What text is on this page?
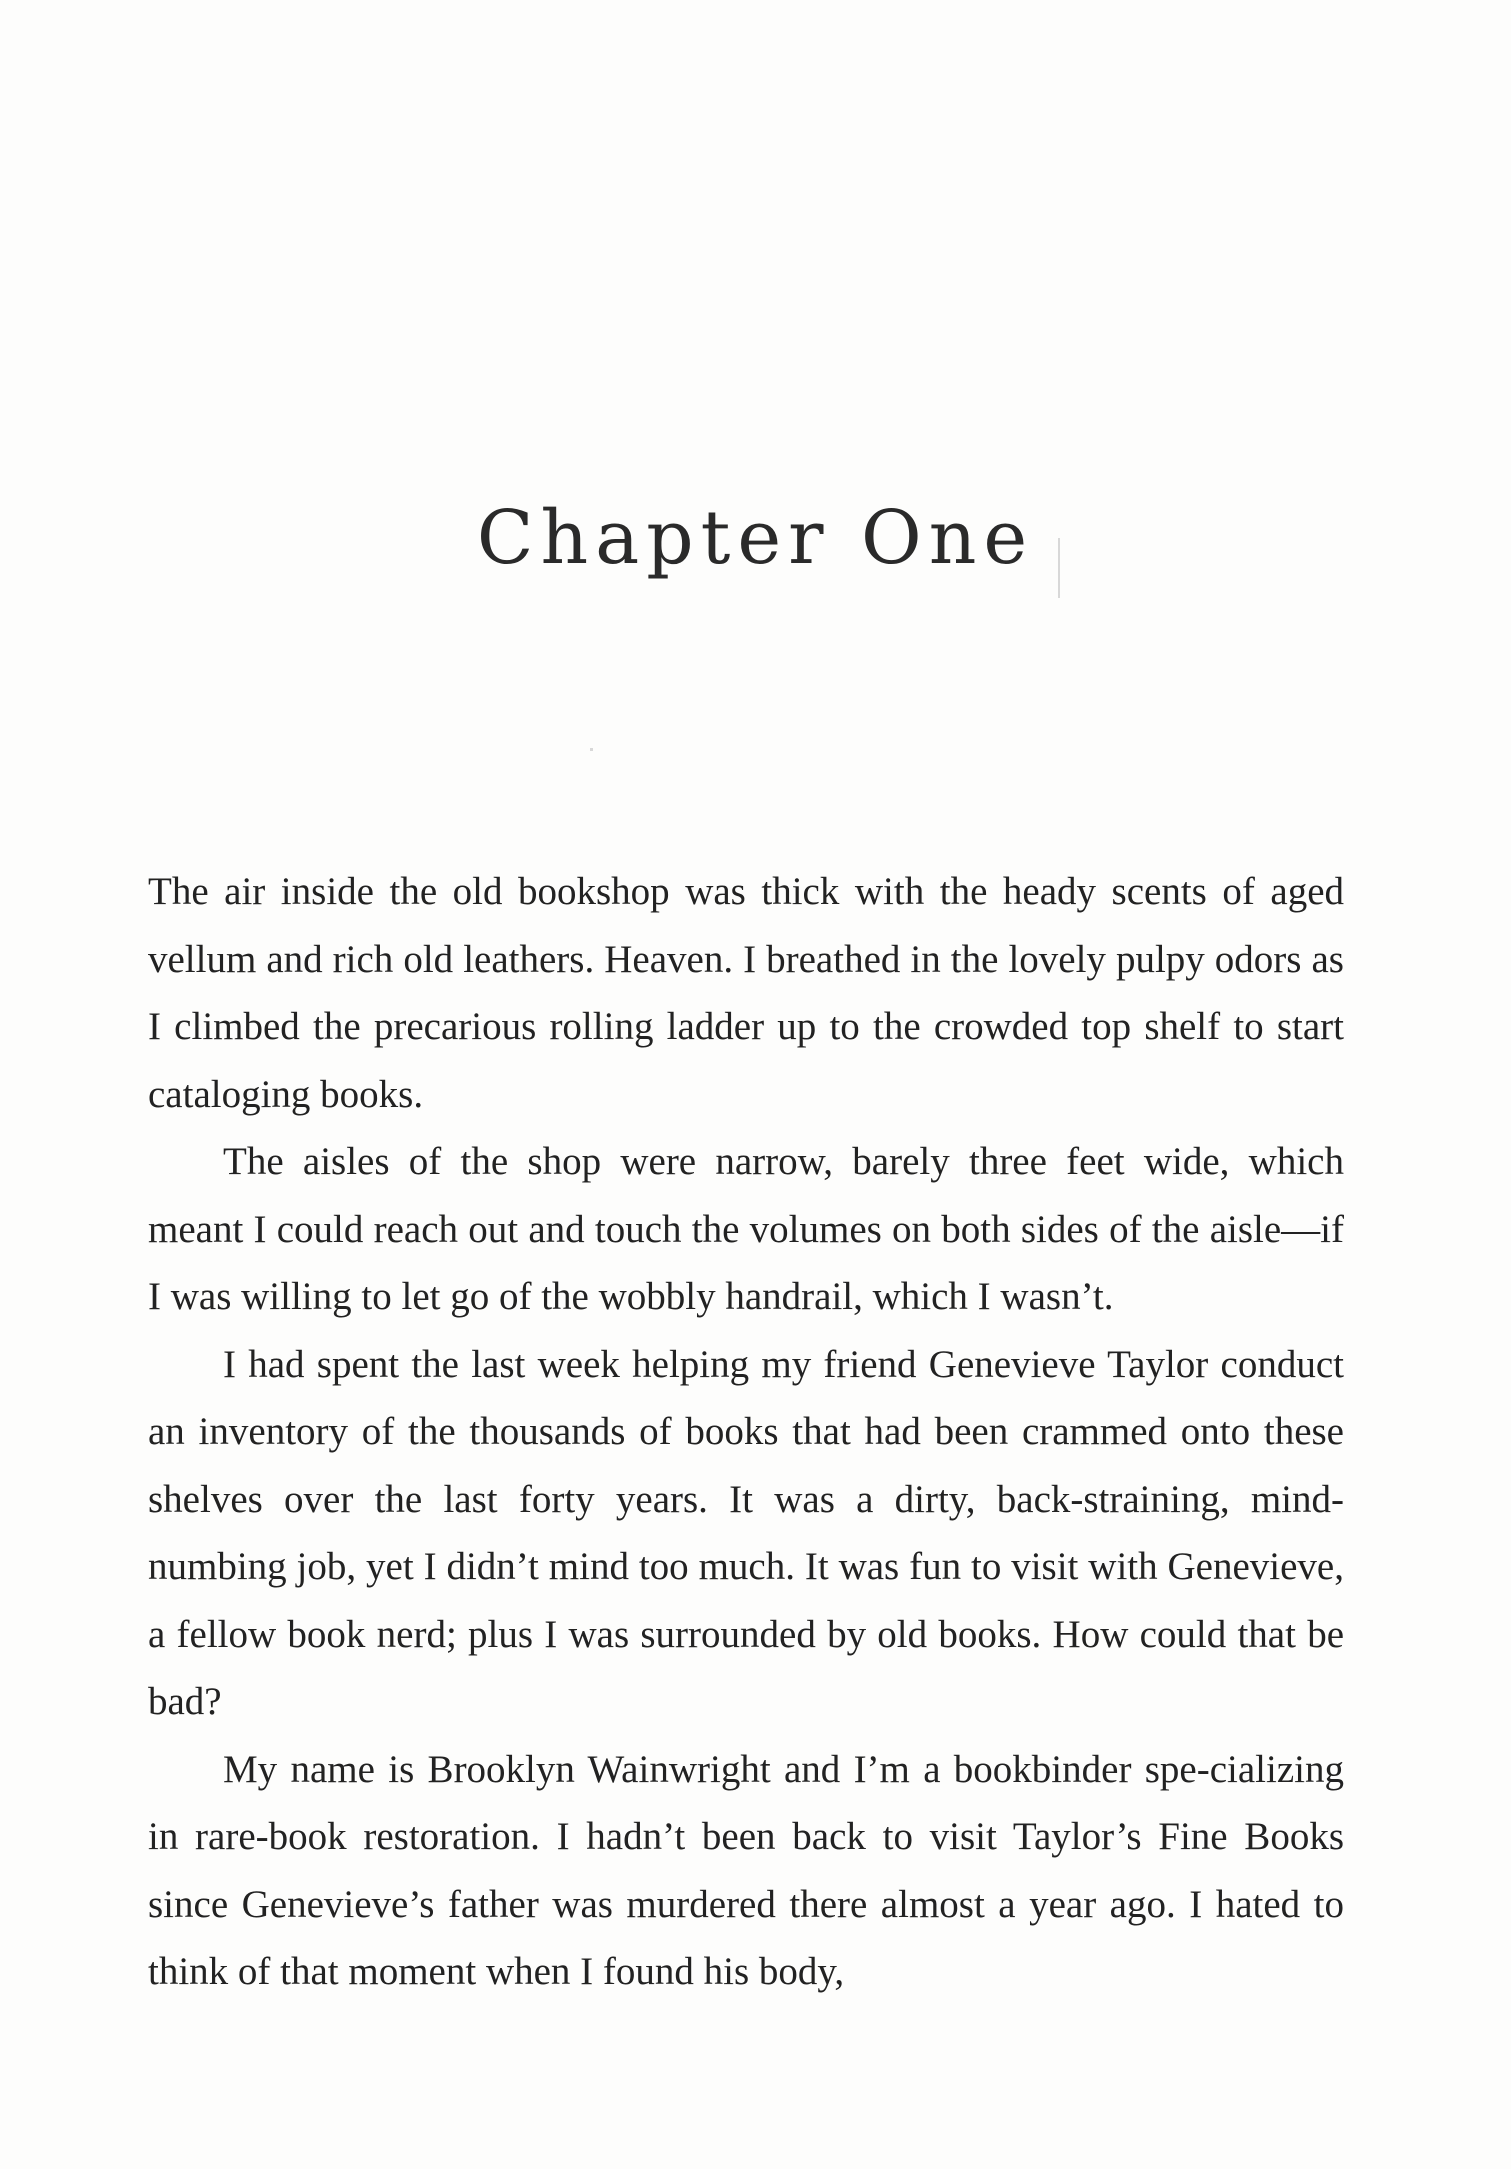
Chapter One

The air inside the old bookshop was thick with the heady scents of aged vellum and rich old leathers. Heaven. I breathed in the lovely pulpy odors as I climbed the precarious rolling ladder up to the crowded top shelf to start cataloging books.

The aisles of the shop were narrow, barely three feet wide, which meant I could reach out and touch the volumes on both sides of the aisle—if I was willing to let go of the wobbly handrail, which I wasn’t.

I had spent the last week helping my friend Genevieve Taylor conduct an inventory of the thousands of books that had been crammed onto these shelves over the last forty years. It was a dirty, back-straining, mind-numbing job, yet I didn’t mind too much. It was fun to visit with Genevieve, a fellow book nerd; plus I was surrounded by old books. How could that be bad?

My name is Brooklyn Wainwright and I’m a bookbinder spe-cializing in rare-book restoration. I hadn’t been back to visit Taylor’s Fine Books since Genevieve’s father was murdered there almost a year ago. I hated to think of that moment when I found his body,
